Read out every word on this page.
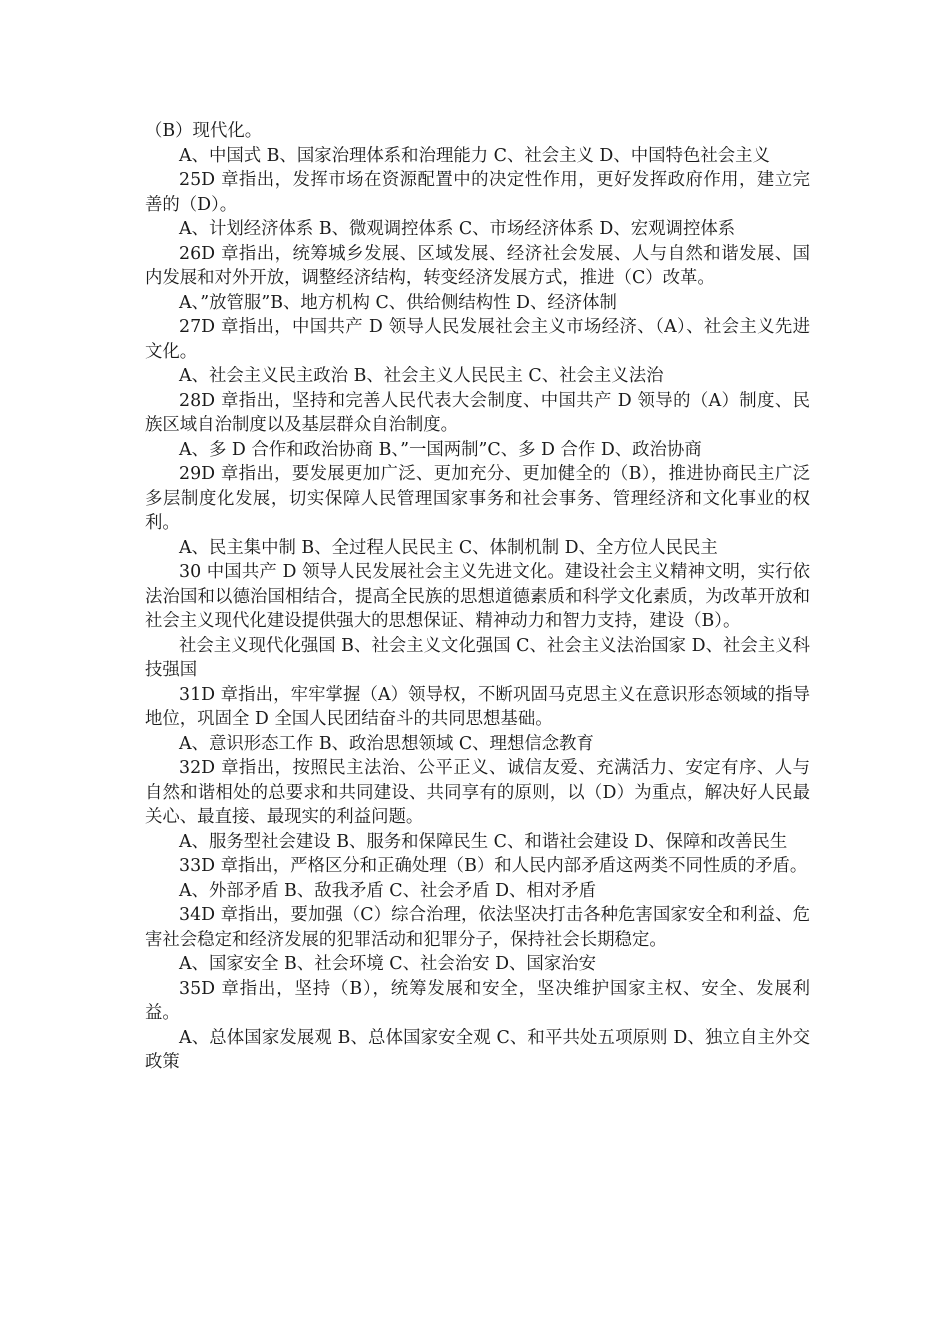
（B）现代化。

A、中国式 B、国家治理体系和治理能力 C、社会主义 D、中国特色社会主义

25D 章指出，发挥市场在资源配置中的决定性作用，更好发挥政府作用，建立完善的（D）。

A、计划经济体系 B、微观调控体系 C、市场经济体系 D、宏观调控体系

26D 章指出，统筹城乡发展、区域发展、经济社会发展、人与自然和谐发展、国内发展和对外开放，调整经济结构，转变经济发展方式，推进（C）改革。

A、”放管服”B、地方机构 C、供给侧结构性 D、经济体制

27D 章指出，中国共产 D 领导人民发展社会主义市场经济、（A）、社会主义先进文化。

A、社会主义民主政治 B、社会主义人民民主 C、社会主义法治

28D 章指出，坚持和完善人民代表大会制度、中国共产 D 领导的（A）制度、民族区域自治制度以及基层群众自治制度。

A、多 D 合作和政治协商 B、”一国两制”C、多 D 合作 D、政治协商

29D 章指出，要发展更加广泛、更加充分、更加健全的（B），推进协商民主广泛多层制度化发展，切实保障人民管理国家事务和社会事务、管理经济和文化事业的权利。

A、民主集中制 B、全过程人民民主 C、体制机制 D、全方位人民民主

30 中国共产 D 领导人民发展社会主义先进文化。建设社会主义精神文明，实行依法治国和以德治国相结合，提高全民族的思想道德素质和科学文化素质，为改革开放和社会主义现代化建设提供强大的思想保证、精神动力和智力支持，建设（B）。

社会主义现代化强国 B、社会主义文化强国 C、社会主义法治国家 D、社会主义科技强国

31D 章指出，牢牢掌握（A）领导权，不断巩固马克思主义在意识形态领域的指导地位，巩固全 D 全国人民团结奋斗的共同思想基础。

A、意识形态工作 B、政治思想领域 C、理想信念教育

32D 章指出，按照民主法治、公平正义、诚信友爱、充满活力、安定有序、人与自然和谐相处的总要求和共同建设、共同享有的原则，以（D）为重点，解决好人民最关心、最直接、最现实的利益问题。

A、服务型社会建设 B、服务和保障民生 C、和谐社会建设 D、保障和改善民生

33D 章指出，严格区分和正确处理（B）和人民内部矛盾这两类不同性质的矛盾。

A、外部矛盾 B、敌我矛盾 C、社会矛盾 D、相对矛盾

34D 章指出，要加强（C）综合治理，依法坚决打击各种危害国家安全和利益、危害社会稳定和经济发展的犯罪活动和犯罪分子，保持社会长期稳定。

A、国家安全 B、社会环境 C、社会治安 D、国家治安

35D 章指出，坚持（B），统筹发展和安全，坚决维护国家主权、安全、发展利益。

A、总体国家发展观 B、总体国家安全观 C、和平共处五项原则 D、独立自主外交政策
